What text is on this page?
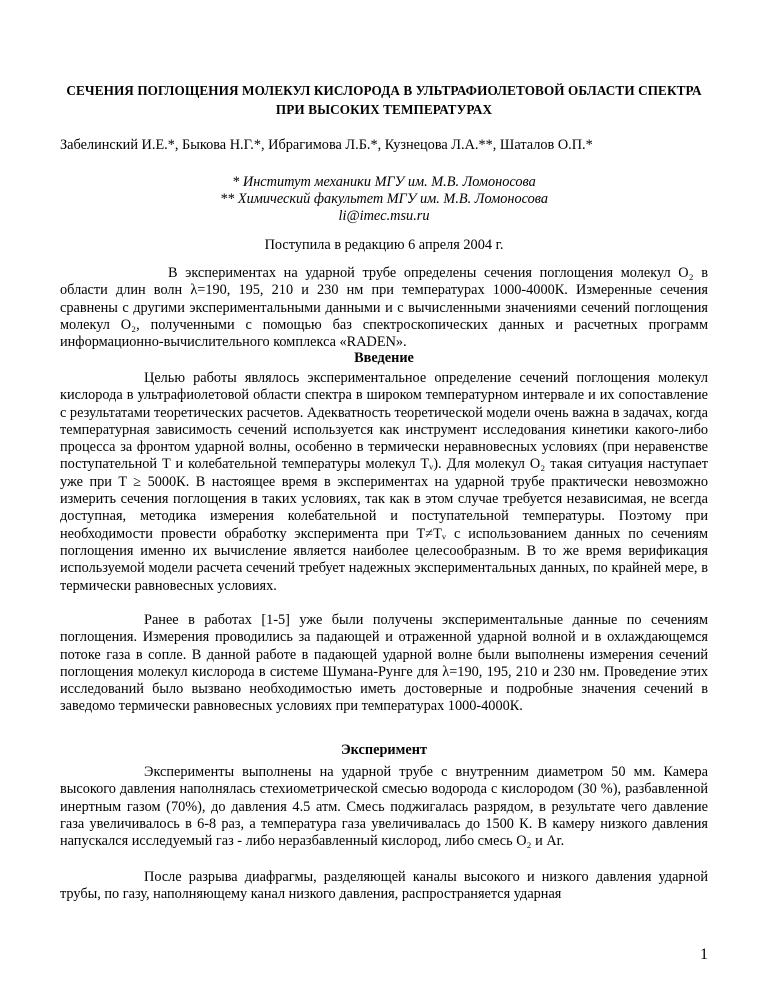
СЕЧЕНИЯ ПОГЛОЩЕНИЯ МОЛЕКУЛ КИСЛОРОДА В УЛЬТРАФИОЛЕТОВОЙ ОБЛАСТИ СПЕКТРА ПРИ ВЫСОКИХ ТЕМПЕРАТУРАХ
Забелинский И.Е.*, Быкова Н.Г.*, Ибрагимова Л.Б.*, Кузнецова Л.А.**, Шаталов О.П.*
* Институт механики МГУ им. М.В. Ломоносова
** Химический факультет МГУ им. М.В. Ломоносова
li@imec.msu.ru
Поступила в редакцию 6 апреля 2004 г.

В экспериментах на ударной трубе определены сечения поглощения молекул O₂ в области длин волн λ=190, 195, 210 и 230 нм при температурах 1000-4000К. Измеренные сечения сравнены с другими экспериментальными данными и с вычисленными значениями сечений поглощения молекул O₂, полученными с помощью баз спектроскопических данных и расчетных программ информационно-вычислительного комплекса «RADEN».

Введение

Целью работы являлось экспериментальное определение сечений поглощения молекул кислорода в ультрафиолетовой области спектра в широком температурном интервале и их сопоставление с результатами теоретических расчетов. Адекватность теоретической модели очень важна в задачах, когда температурная зависимость сечений используется как инструмент исследования кинетики какого-либо процесса за фронтом ударной волны, особенно в термически неравновесных условиях (при неравенстве поступательной T и колебательной температуры молекул Tᵥ). Для молекул O₂ такая ситуация наступает уже при T ≥ 5000К. В настоящее время в экспериментах на ударной трубе практически невозможно измерить сечения поглощения в таких условиях, так как в этом случае требуется независимая, не всегда доступная, методика измерения колебательной и поступательной температуры. Поэтому при необходимости провести обработку эксперимента при T≠Tᵥ с использованием данных по сечениям поглощения именно их вычисление является наиболее целесообразным. В то же время верификация используемой модели расчета сечений требует надежных экспериментальных данных, по крайней мере, в термически равновесных условиях.

Ранее в работах [1-5] уже были получены экспериментальные данные по сечениям поглощения. Измерения проводились за падающей и отраженной ударной волной и в охлаждающемся потоке газа в сопле. В данной работе в падающей ударной волне были выполнены измерения сечений поглощения молекул кислорода в системе Шумана-Рунге для λ=190, 195, 210 и 230 нм. Проведение этих исследований было вызвано необходимостью иметь достоверные и подробные значения сечений в заведомо термически равновесных условиях при температурах 1000-4000К.

Эксперимент

Эксперименты выполнены на ударной трубе с внутренним диаметром 50 мм. Камера высокого давления наполнялась стехиометрической смесью водорода с кислородом (30 %), разбавленной инертным газом (70%), до давления 4.5 атм. Смесь поджигалась разрядом, в результате чего давление газа увеличивалось в 6-8 раз, а температура газа увеличивалась до 1500 К. В камеру низкого давления напускался исследуемый газ - либо неразбавленный кислород, либо смесь O₂ и Ar.

После разрыва диафрагмы, разделяющей каналы высокого и низкого давления ударной трубы, по газу, наполняющему канал низкого давления, распространяется ударная

1
